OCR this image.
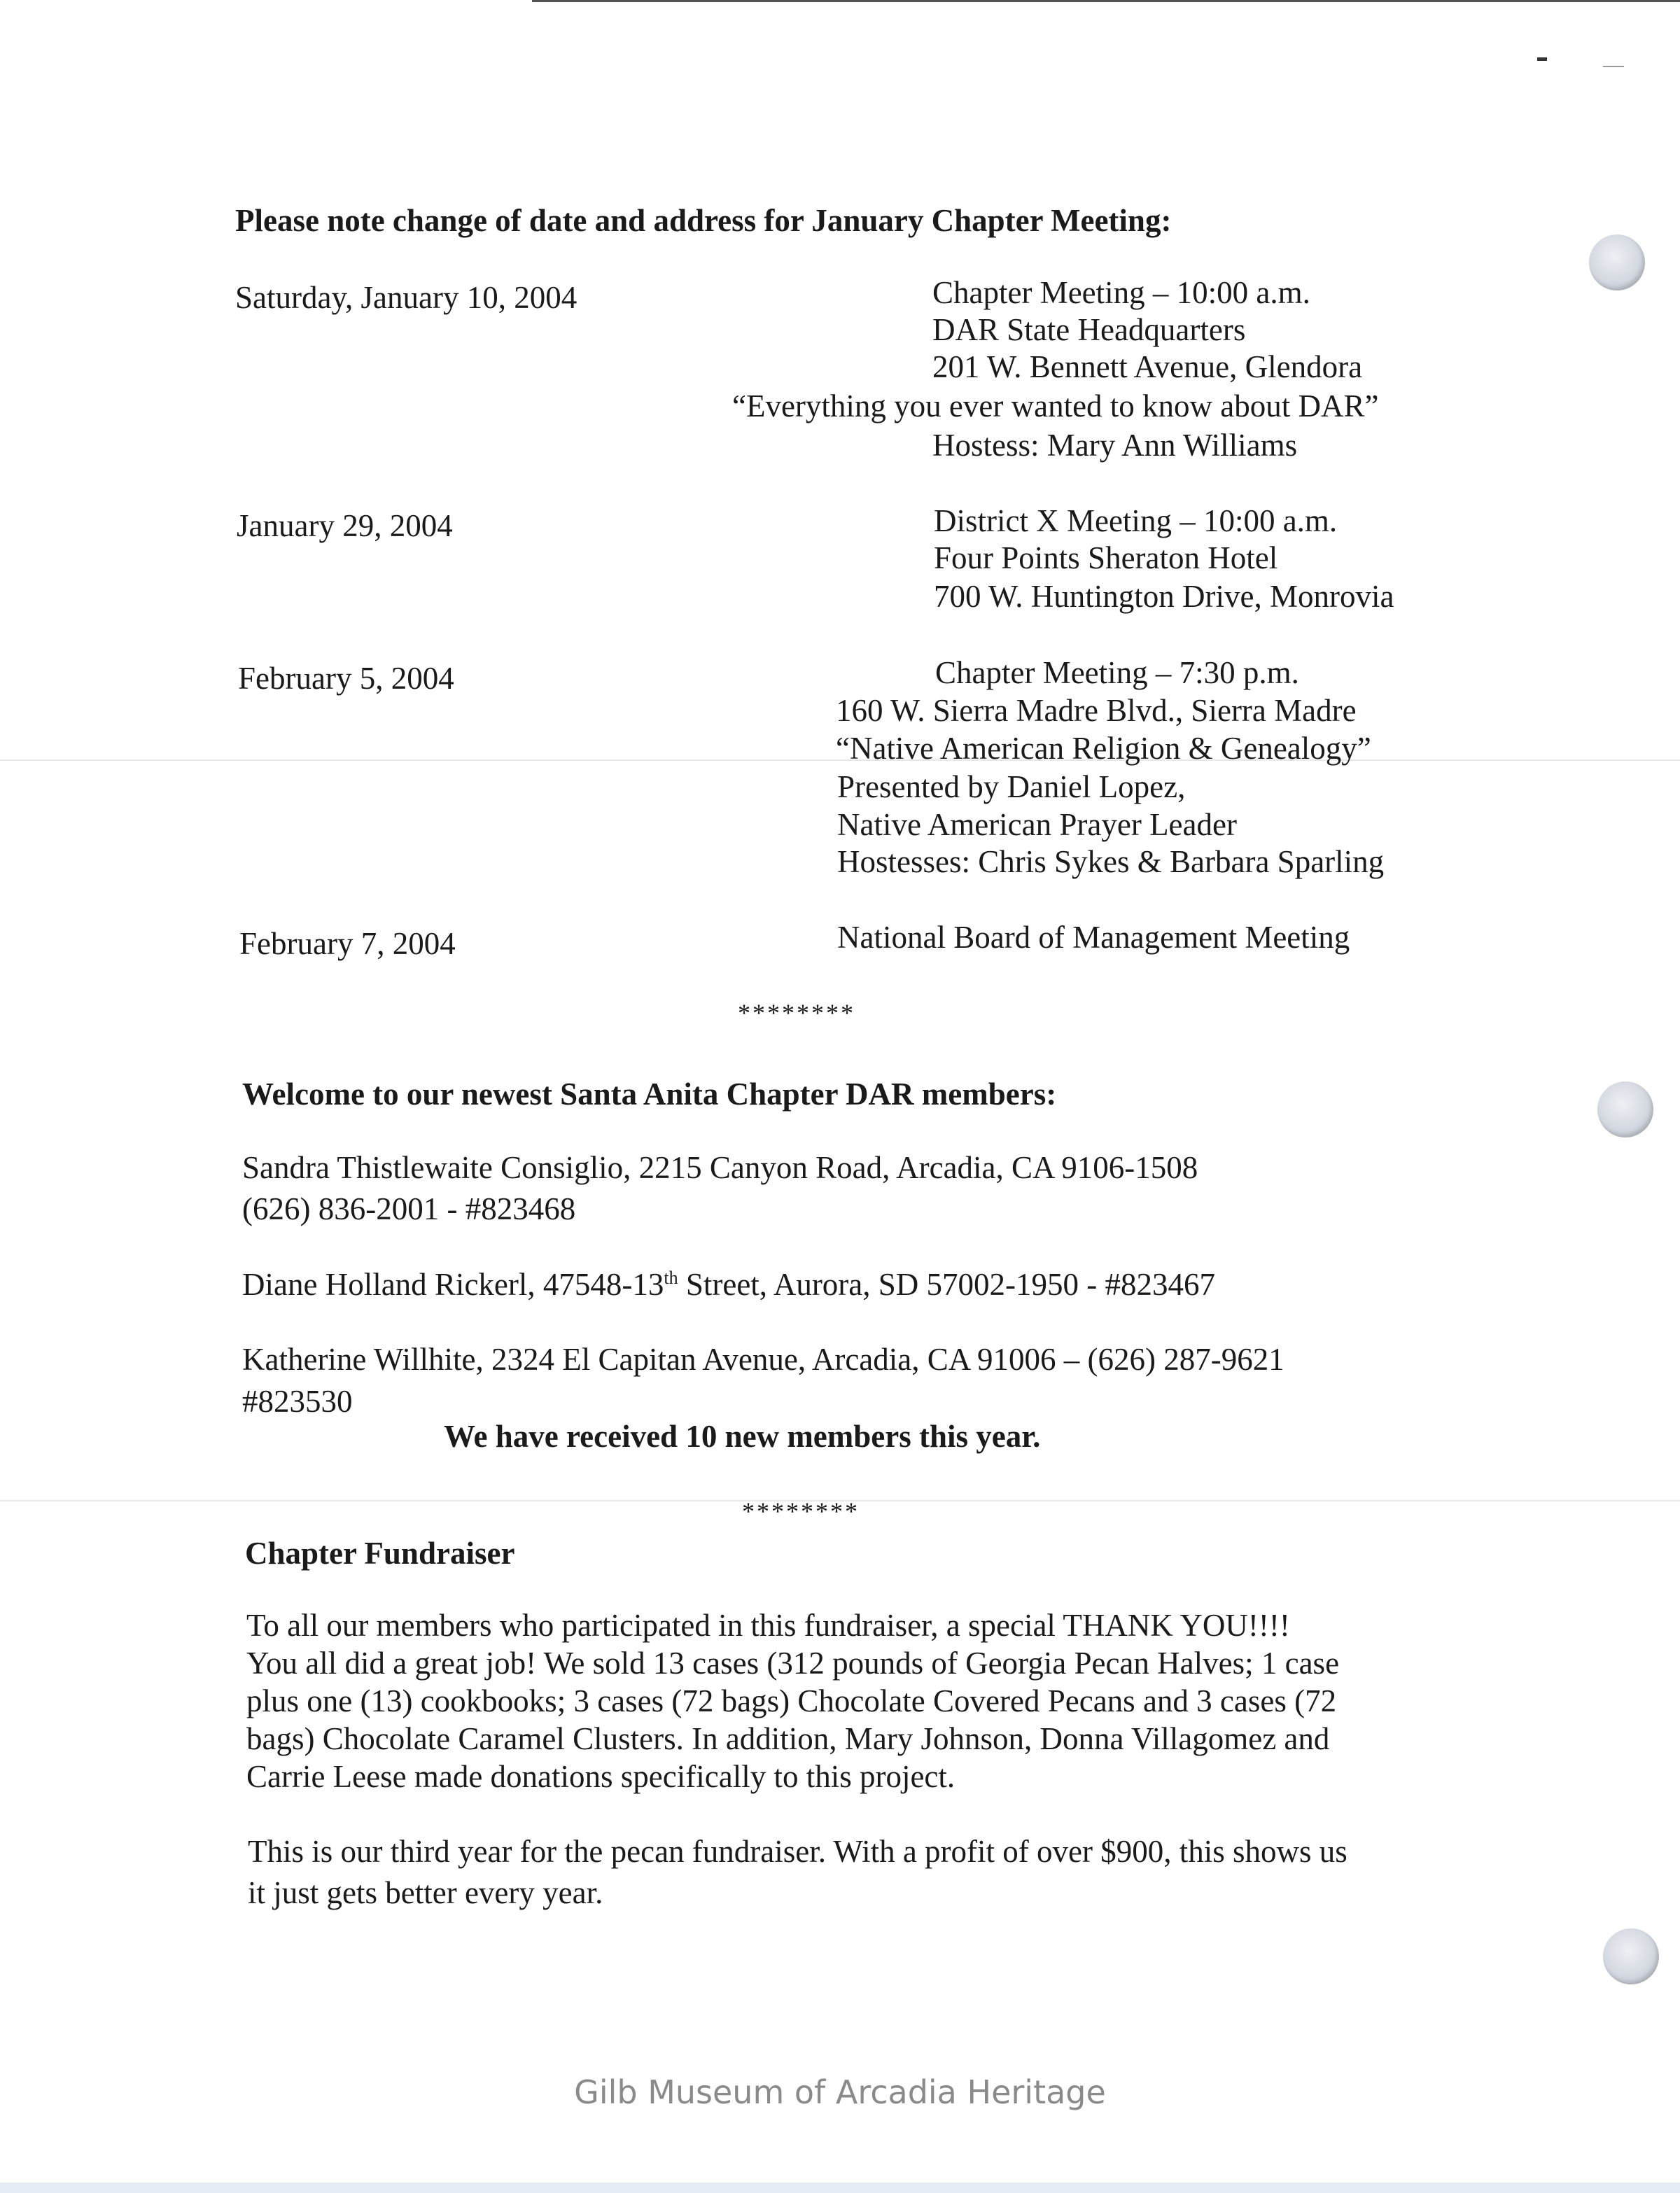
Please note change of date and address for January Chapter Meeting:
Saturday, January 10, 2004	Chapter Meeting – 10:00 a.m.
DAR State Headquarters
201 W. Bennett Avenue, Glendora
“Everything you ever wanted to know about DAR”
Hostess: Mary Ann Williams
January 29, 2004	District X Meeting – 10:00 a.m.
Four Points Sheraton Hotel
700 W. Huntington Drive, Monrovia
February 5, 2004	Chapter Meeting – 7:30 p.m.
160 W. Sierra Madre Blvd., Sierra Madre
“Native American Religion & Genealogy”
Presented by Daniel Lopez,
Native American Prayer Leader
Hostesses: Chris Sykes & Barbara Sparling
February 7, 2004	National Board of Management Meeting
********
Welcome to our newest Santa Anita Chapter DAR members:
Sandra Thistlewaite Consiglio, 2215 Canyon Road, Arcadia, CA 9106-1508
(626) 836-2001 - #823468
Diane Holland Rickerl, 47548-13th Street, Aurora, SD 57002-1950 - #823467
Katherine Willhite, 2324 El Capitan Avenue, Arcadia, CA 91006 – (626) 287-9621
#823530
We have received 10 new members this year.
********
Chapter Fundraiser
To all our members who participated in this fundraiser, a special THANK YOU!!!!
You all did a great job! We sold 13 cases (312 pounds of Georgia Pecan Halves; 1 case
plus one (13) cookbooks; 3 cases (72 bags) Chocolate Covered Pecans and 3 cases (72
bags) Chocolate Caramel Clusters. In addition, Mary Johnson, Donna Villagomez and
Carrie Leese made donations specifically to this project.
This is our third year for the pecan fundraiser. With a profit of over $900, this shows us
it just gets better every year.
Gilb Museum of Arcadia Heritage
